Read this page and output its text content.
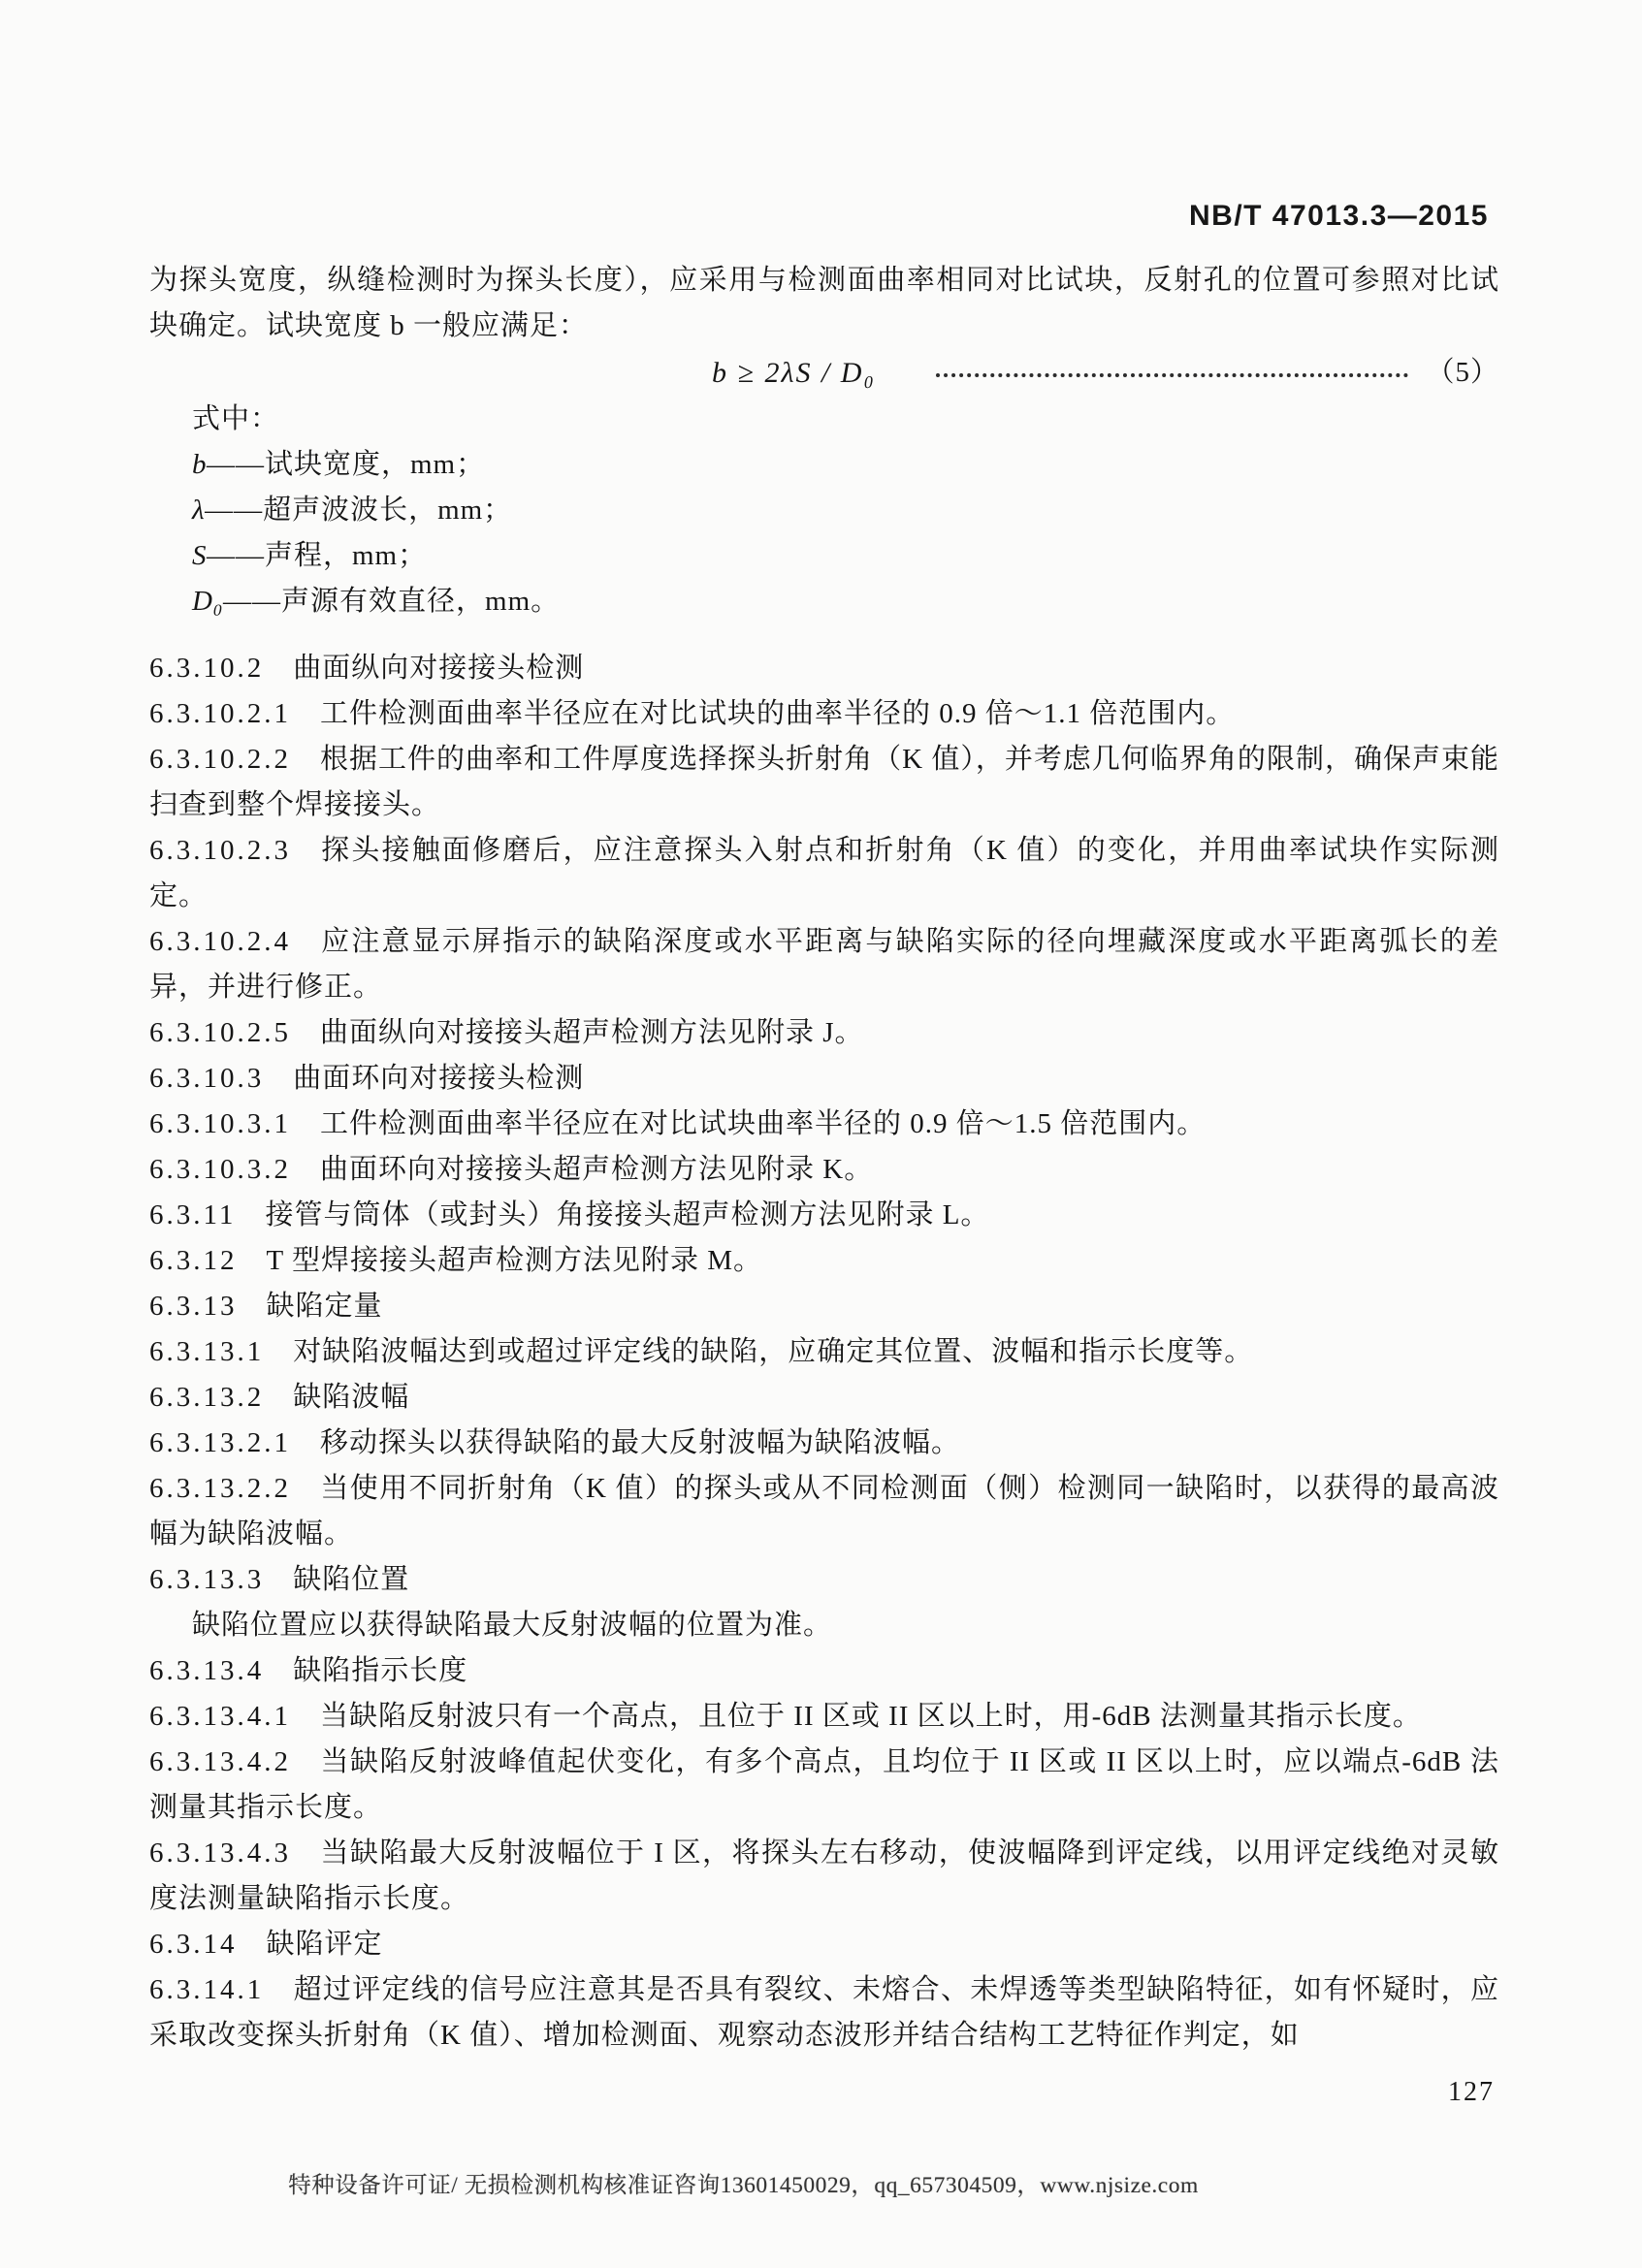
NB/T 47013.3—2015

为探头宽度，纵缝检测时为探头长度），应采用与检测面曲率相同对比试块，反射孔的位置可参照对比试块确定。试块宽度 b 一般应满足：

b ≥ 2λS / D₀	（5）

式中：

b——试块宽度，mm；

λ——超声波波长，mm；

S——声程，mm；

D₀——声源有效直径，mm。

6.3.10.2 曲面纵向对接接头检测

6.3.10.2.1 工件检测面曲率半径应在对比试块的曲率半径的 0.9 倍～1.1 倍范围内。

6.3.10.2.2 根据工件的曲率和工件厚度选择探头折射角（K 值），并考虑几何临界角的限制，确保声束能扫查到整个焊接接头。

6.3.10.2.3 探头接触面修磨后，应注意探头入射点和折射角（K 值）的变化，并用曲率试块作实际测定。

6.3.10.2.4 应注意显示屏指示的缺陷深度或水平距离与缺陷实际的径向埋藏深度或水平距离弧长的差异，并进行修正。

6.3.10.2.5 曲面纵向对接接头超声检测方法见附录 J。

6.3.10.3 曲面环向对接接头检测

6.3.10.3.1 工件检测面曲率半径应在对比试块曲率半径的 0.9 倍～1.5 倍范围内。

6.3.10.3.2 曲面环向对接接头超声检测方法见附录 K。

6.3.11 接管与筒体（或封头）角接接头超声检测方法见附录 L。

6.3.12 T 型焊接接头超声检测方法见附录 M。

6.3.13 缺陷定量

6.3.13.1 对缺陷波幅达到或超过评定线的缺陷，应确定其位置、波幅和指示长度等。

6.3.13.2 缺陷波幅

6.3.13.2.1 移动探头以获得缺陷的最大反射波幅为缺陷波幅。

6.3.13.2.2 当使用不同折射角（K 值）的探头或从不同检测面（侧）检测同一缺陷时，以获得的最高波幅为缺陷波幅。

6.3.13.3 缺陷位置

缺陷位置应以获得缺陷最大反射波幅的位置为准。

6.3.13.4 缺陷指示长度

6.3.13.4.1 当缺陷反射波只有一个高点，且位于 II 区或 II 区以上时，用-6dB 法测量其指示长度。

6.3.13.4.2 当缺陷反射波峰值起伏变化，有多个高点，且均位于 II 区或 II 区以上时，应以端点-6dB 法测量其指示长度。

6.3.13.4.3 当缺陷最大反射波幅位于 I 区，将探头左右移动，使波幅降到评定线，以用评定线绝对灵敏度法测量缺陷指示长度。

6.3.14 缺陷评定

6.3.14.1 超过评定线的信号应注意其是否具有裂纹、未熔合、未焊透等类型缺陷特征，如有怀疑时，应采取改变探头折射角（K 值）、增加检测面、观察动态波形并结合结构工艺特征作判定，如

127
特种设备许可证/ 无损检测机构核准证咨询13601450029，qq_657304509，www.njsize.com
